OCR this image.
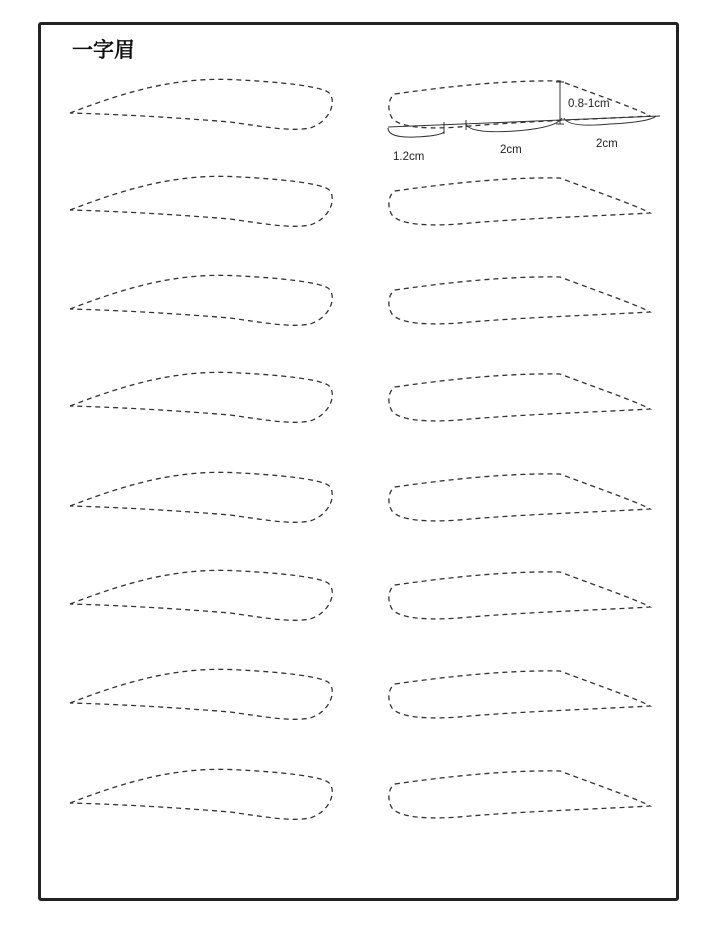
一字眉
0.8-1cm
1.2cm
2cm	2cm
